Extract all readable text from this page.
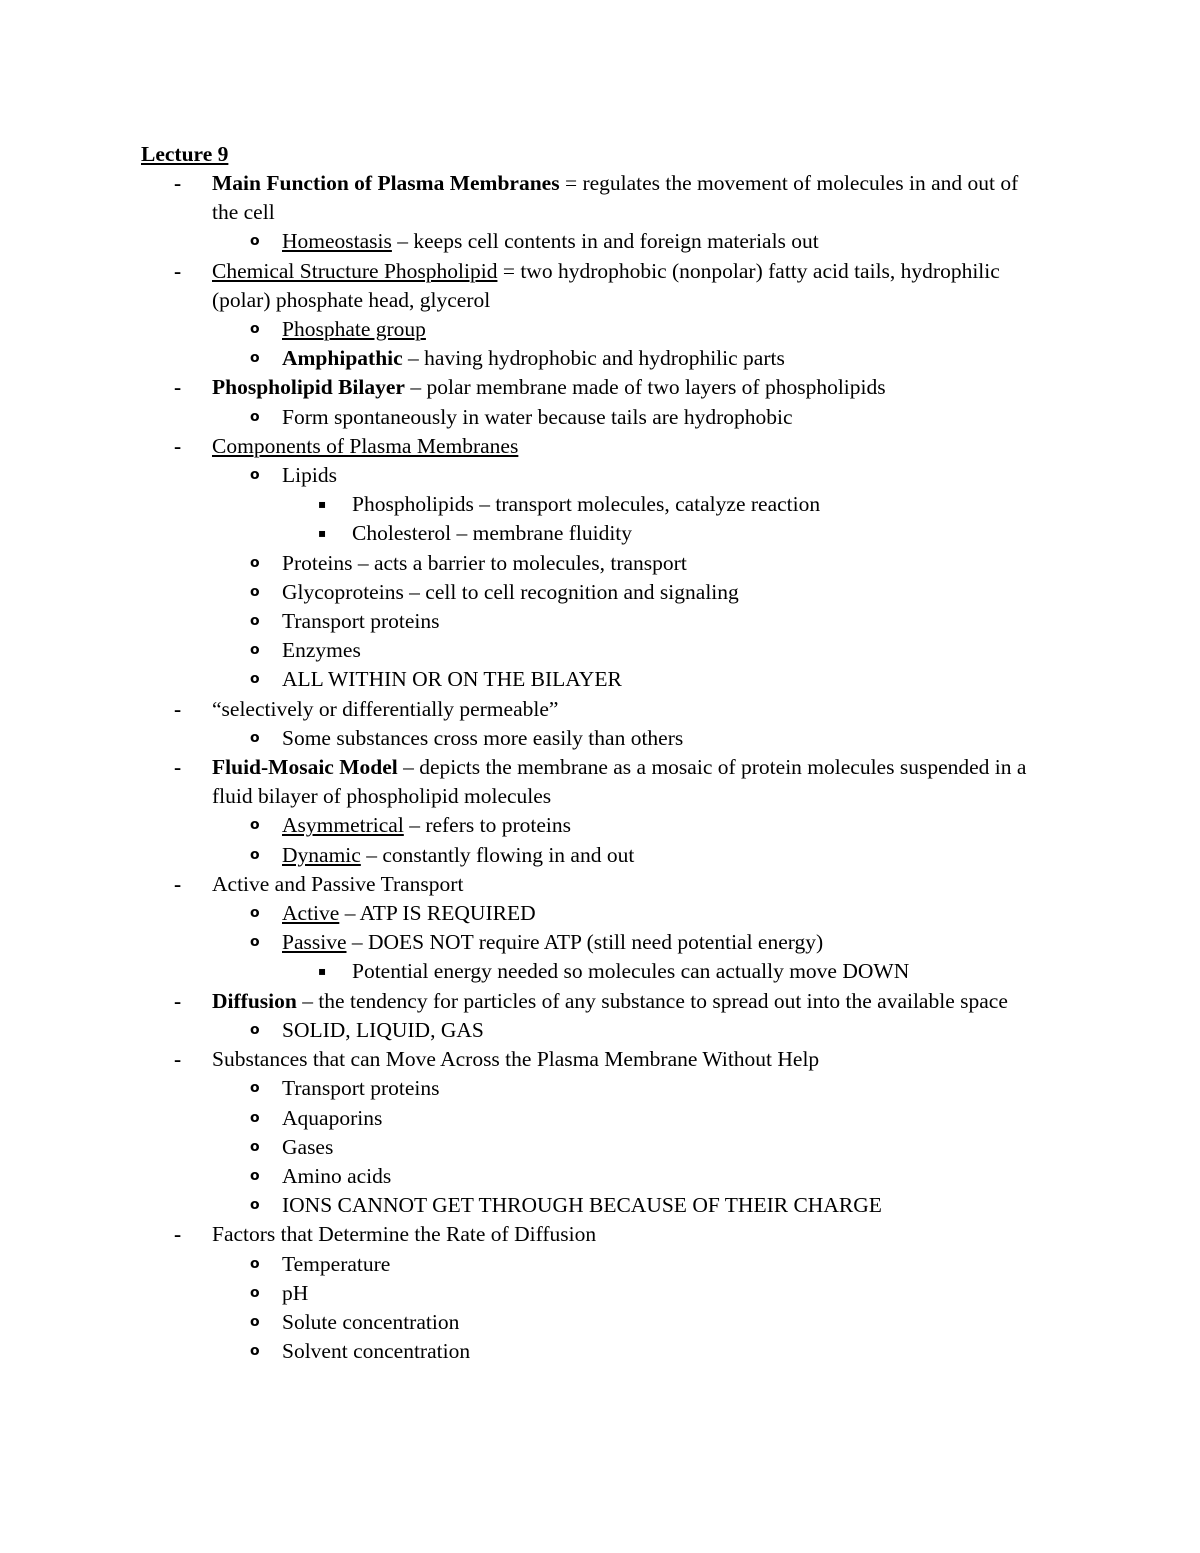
Lecture 9
- Main Function of Plasma Membranes = regulates the movement of molecules in and out of the cell
o Homeostasis – keeps cell contents in and foreign materials out
- Chemical Structure Phospholipid = two hydrophobic (nonpolar) fatty acid tails, hydrophilic (polar) phosphate head, glycerol
o Phosphate group
o Amphipathic – having hydrophobic and hydrophilic parts
- Phospholipid Bilayer – polar membrane made of two layers of phospholipids
o Form spontaneously in water because tails are hydrophobic
- Components of Plasma Membranes
o Lipids
▪ Phospholipids – transport molecules, catalyze reaction
▪ Cholesterol – membrane fluidity
o Proteins – acts a barrier to molecules, transport
o Glycoproteins – cell to cell recognition and signaling
o Transport proteins
o Enzymes
o ALL WITHIN OR ON THE BILAYER
- “selectively or differentially permeable”
o Some substances cross more easily than others
- Fluid-Mosaic Model – depicts the membrane as a mosaic of protein molecules suspended in a fluid bilayer of phospholipid molecules
o Asymmetrical – refers to proteins
o Dynamic – constantly flowing in and out
- Active and Passive Transport
o Active – ATP IS REQUIRED
o Passive – DOES NOT require ATP (still need potential energy)
▪ Potential energy needed so molecules can actually move DOWN
- Diffusion – the tendency for particles of any substance to spread out into the available space
o SOLID, LIQUID, GAS
- Substances that can Move Across the Plasma Membrane Without Help
o Transport proteins
o Aquaporins
o Gases
o Amino acids
o IONS CANNOT GET THROUGH BECAUSE OF THEIR CHARGE
- Factors that Determine the Rate of Diffusion
o Temperature
o pH
o Solute concentration
o Solvent concentration
